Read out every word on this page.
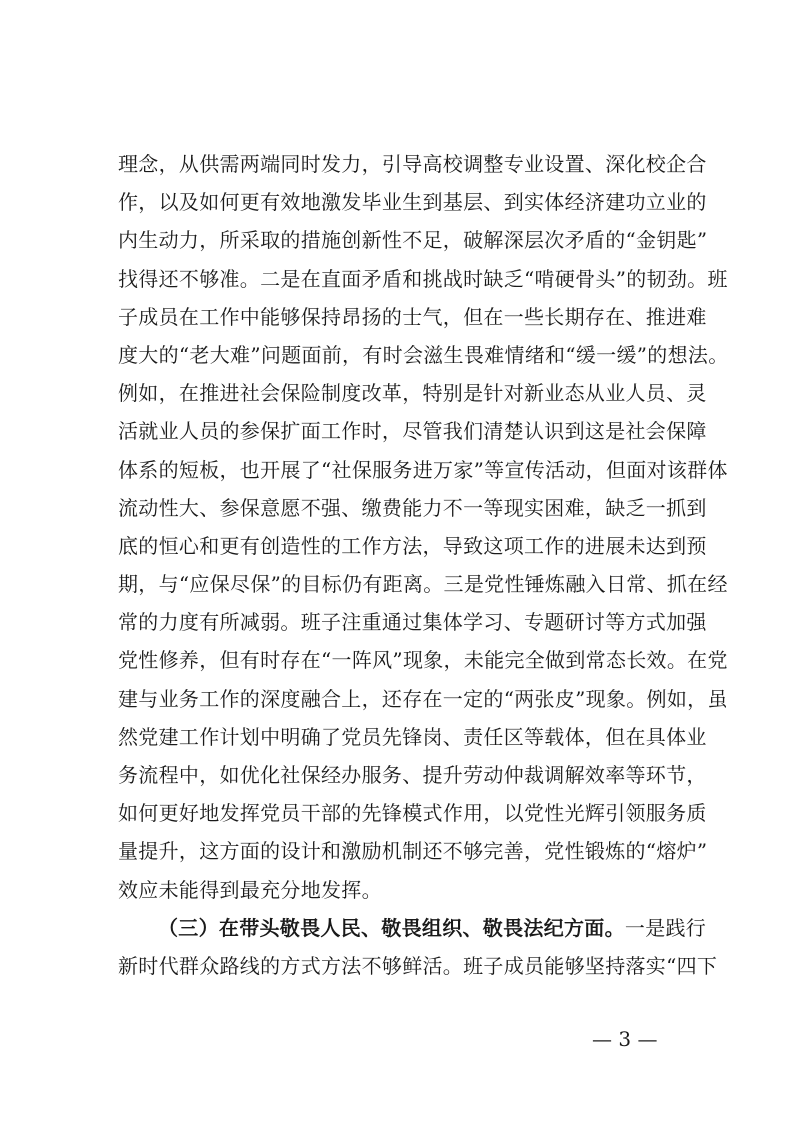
理念，从供需两端同时发力，引导高校调整专业设置、深化校企合
作，以及如何更有效地激发毕业生到基层、到实体经济建功立业的
内生动力，所采取的措施创新性不足，破解深层次矛盾的“金钥匙”
找得还不够准。二是在直面矛盾和挑战时缺乏“啃硬骨头”的韧劲。班
子成员在工作中能够保持昂扬的士气，但在一些长期存在、推进难
度大的“老大难”问题面前，有时会滋生畏难情绪和“缓一缓”的想法。
例如，在推进社会保险制度改革，特别是针对新业态从业人员、灵
活就业人员的参保扩面工作时，尽管我们清楚认识到这是社会保障
体系的短板，也开展了“社保服务进万家”等宣传活动，但面对该群体
流动性大、参保意愿不强、缴费能力不一等现实困难，缺乏一抓到
底的恒心和更有创造性的工作方法，导致这项工作的进展未达到预
期，与“应保尽保”的目标仍有距离。三是党性锤炼融入日常、抓在经
常的力度有所减弱。班子注重通过集体学习、专题研讨等方式加强
党性修养，但有时存在“一阵风”现象，未能完全做到常态长效。在党
建与业务工作的深度融合上，还存在一定的“两张皮”现象。例如，虽
然党建工作计划中明确了党员先锋岗、责任区等载体，但在具体业
务流程中，如优化社保经办服务、提升劳动仲裁调解效率等环节，
如何更好地发挥党员干部的先锋模式作用，以党性光辉引领服务质
量提升，这方面的设计和激励机制还不够完善，党性锻炼的“熔炉”
效应未能得到最充分地发挥。
（三）在带头敬畏人民、敬畏组织、敬畏法纪方面。一是践行
新时代群众路线的方式方法不够鲜活。班子成员能够坚持落实“四下
— 3 —
